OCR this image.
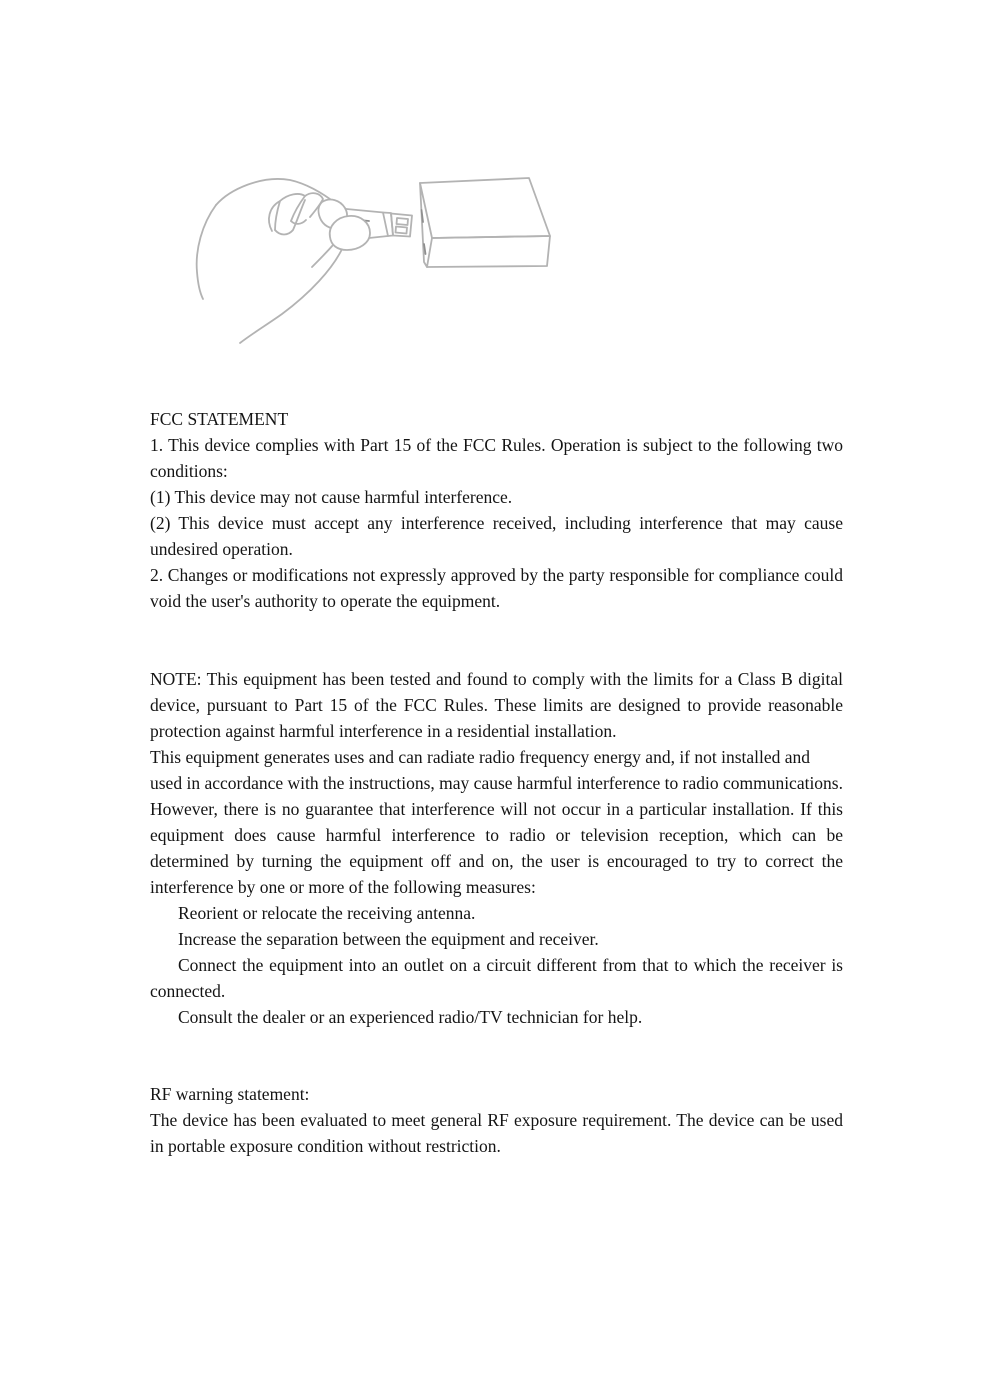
FCC STATEMENT

1. This device complies with Part 15 of the FCC Rules. Operation is subject to the following two conditions:

(1) This device may not cause harmful interference.

(2) This device must accept any interference received, including interference that may cause undesired operation.

2. Changes or modifications not expressly approved by the party responsible for compliance could void the user's authority to operate the equipment.

NOTE: This equipment has been tested and found to comply with the limits for a Class B digital device, pursuant to Part 15 of the FCC Rules. These limits are designed to provide reasonable protection against harmful interference in a residential installation.

This equipment generates uses and can radiate radio frequency energy and, if not installed and

used in accordance with the instructions, may cause harmful interference to radio communications. However, there is no guarantee that interference will not occur in a particular installation. If this equipment does cause harmful interference to radio or television reception, which can be determined by turning the equipment off and on, the user is encouraged to try to correct the interference by one or more of the following measures:

Reorient or relocate the receiving antenna.

Increase the separation between the equipment and receiver.

Connect the equipment into an outlet on a circuit different from that to which the receiver is connected.

Consult the dealer or an experienced radio/TV technician for help.

RF warning statement:

The device has been evaluated to meet general RF exposure requirement. The device can be used in portable exposure condition without restriction.
